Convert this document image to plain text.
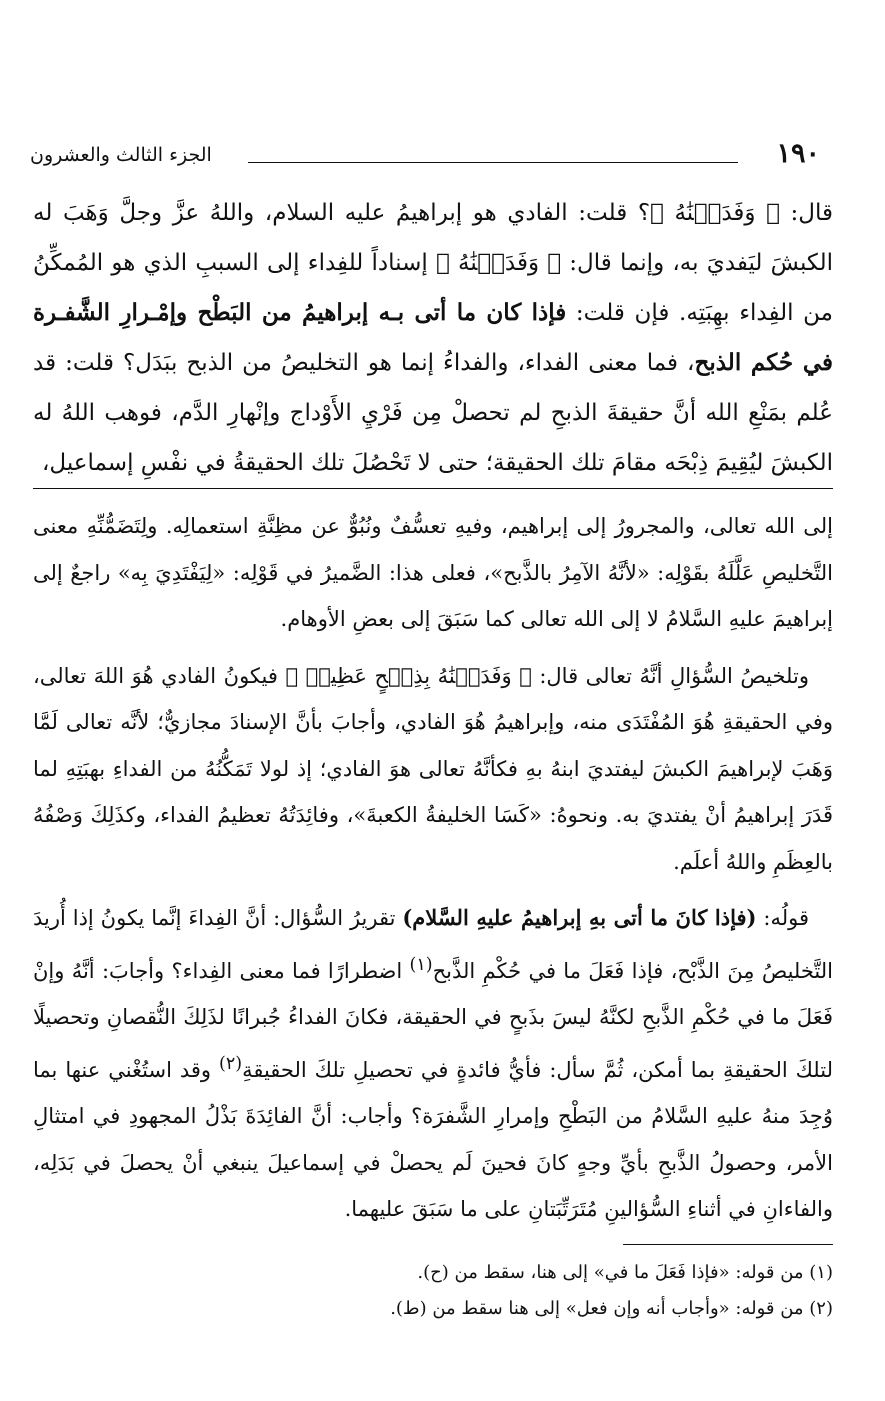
الجزء الثالث والعشرون	١٩٠

قال: ﴿ وَفَدَيۡنَٰهُ ﴾؟ قلت: الفادي هو إبراهيمُ عليه السلام، واللهُ عزَّ وجلَّ وَهَبَ له الكبشَ ليَفديَ به، وإنما قال: ﴿ وَفَدَيۡنَٰهُ ﴾ إسناداً للفِداء إلى السببِ الذي هو المُمكِّنُ من الفِداء بهِبَتِه. فإن قلت: فإذا كان ما أتى بـه إبراهيمُ من البَطْح وإمْـرارِ الشَّفـرة في حُكم الذبح، فما معنى الفداء، والفداءُ إنما هو التخليصُ من الذبح ببَدَل؟ قلت: قد عُلم بمَنْعِ الله أنَّ حقيقةَ الذبحِ لم تحصلْ مِن فَرْيِ الأَوْداج وإنْهارِ الدَّم، فوهب اللهُ له الكبشَ ليُقِيمَ ذِبْحَه مقامَ تلك الحقيقة؛ حتى لا تَحْصُلَ تلك الحقيقةُ في نفْسِ إسماعيل،

إلى الله تعالى، والمجرورُ إلى إبراهيم، وفيهِ تعسُّفٌ ونُبُوٌّ عن مظِنَّةِ استعمالِه. ولِتَضَمُّنِّهِ معنى التَّخليصِ عَلَّلَهُ بقَوْلِه: «لأنَّهُ الآمِرُ بالذَّبح»، فعلى هذا: الضَّميرُ في قَوْلِه: «لِيَفْتَدِيَ بِه» راجعٌ إلى إبراهيمَ عليهِ السَّلامُ لا إلى الله تعالى كما سَبَقَ إلى بعضِ الأوهام.

وتلخيصُ السُّؤالِ أنَّهُ تعالى قال: ﴿ وَفَدَيۡنَٰهُ بِذِبۡحٍ عَظِيمٖ ﴾ فيكونُ الفادي هُوَ اللهَ تعالى، وفي الحقيقةِ هُوَ المُفْتَدَى منه، وإبراهيمُ هُوَ الفادي، وأجابَ بأنَّ الإسنادَ مجازيٌّ؛ لأنَّه تعالى لَمَّا وَهَبَ لإبراهيمَ الكبشَ ليفتديَ ابنهُ بهِ فكأنَّهُ تعالى هوَ الفادي؛ إذ لولا تَمَكُّنُهُ من الفداءِ بهبَتِهِ لما قَدَرَ إبراهيمُ أنْ يفتديَ به. ونحوهُ: «كَسَا الخليفةُ الكعبةَ»، وفائِدَتُهُ تعظيمُ الفداء، وكذَلِكَ وَصْفُهُ بالعِظَمِ واللهُ أعلَم.

قولُه: (فإذا كانَ ما أتى بهِ إبراهيمُ عليهِ السَّلام) تقريرُ السُّؤال: أنَّ الفِداءَ إنَّما يكونُ إذا أُريدَ التَّخليصُ مِنَ الذَّبْح، فإذا فَعَلَ ما في حُكْمِ الذَّبح$^{(١)}$ اضطرارًا فما معنى الفِداء؟ وأجابَ: أنَّهُ وإنْ فَعَلَ ما في حُكْمِ الذَّبحِ لكنَّهُ ليسَ بذَبحٍ في الحقيقة، فكانَ الفداءُ جُبرانًا لذَلِكَ النُّقصانِ وتحصيلًا لتلكَ الحقيقةِ بما أمكن، ثُمَّ سأل: فأيُّ فائدةٍ في تحصيلِ تلكَ الحقيقةِ$^{(٢)}$ وقد استُغْني عنها بما وُجِدَ منهُ عليهِ السَّلامُ من البَطْحِ وإمرارِ الشَّفرَة؟ وأجاب: أنَّ الفائِدَةَ بَذْلُ المجهودِ في امتثالِ الأمر، وحصولُ الذَّبحِ بأيِّ وجهٍ كانَ فحينَ لَم يحصلْ في إسماعيلَ ينبغي أنْ يحصلَ في بَدَلِه، والفاءانِ في أثناءِ السُّؤالينِ مُتَرَتِّبَتانِ على ما سَبَقَ عليهما.

(١) من قوله: «فإذا فَعَلَ ما في» إلى هنا، سقط من (ح).

(٢) من قوله: «وأجاب أنه وإن فعل» إلى هنا سقط من (ط).
